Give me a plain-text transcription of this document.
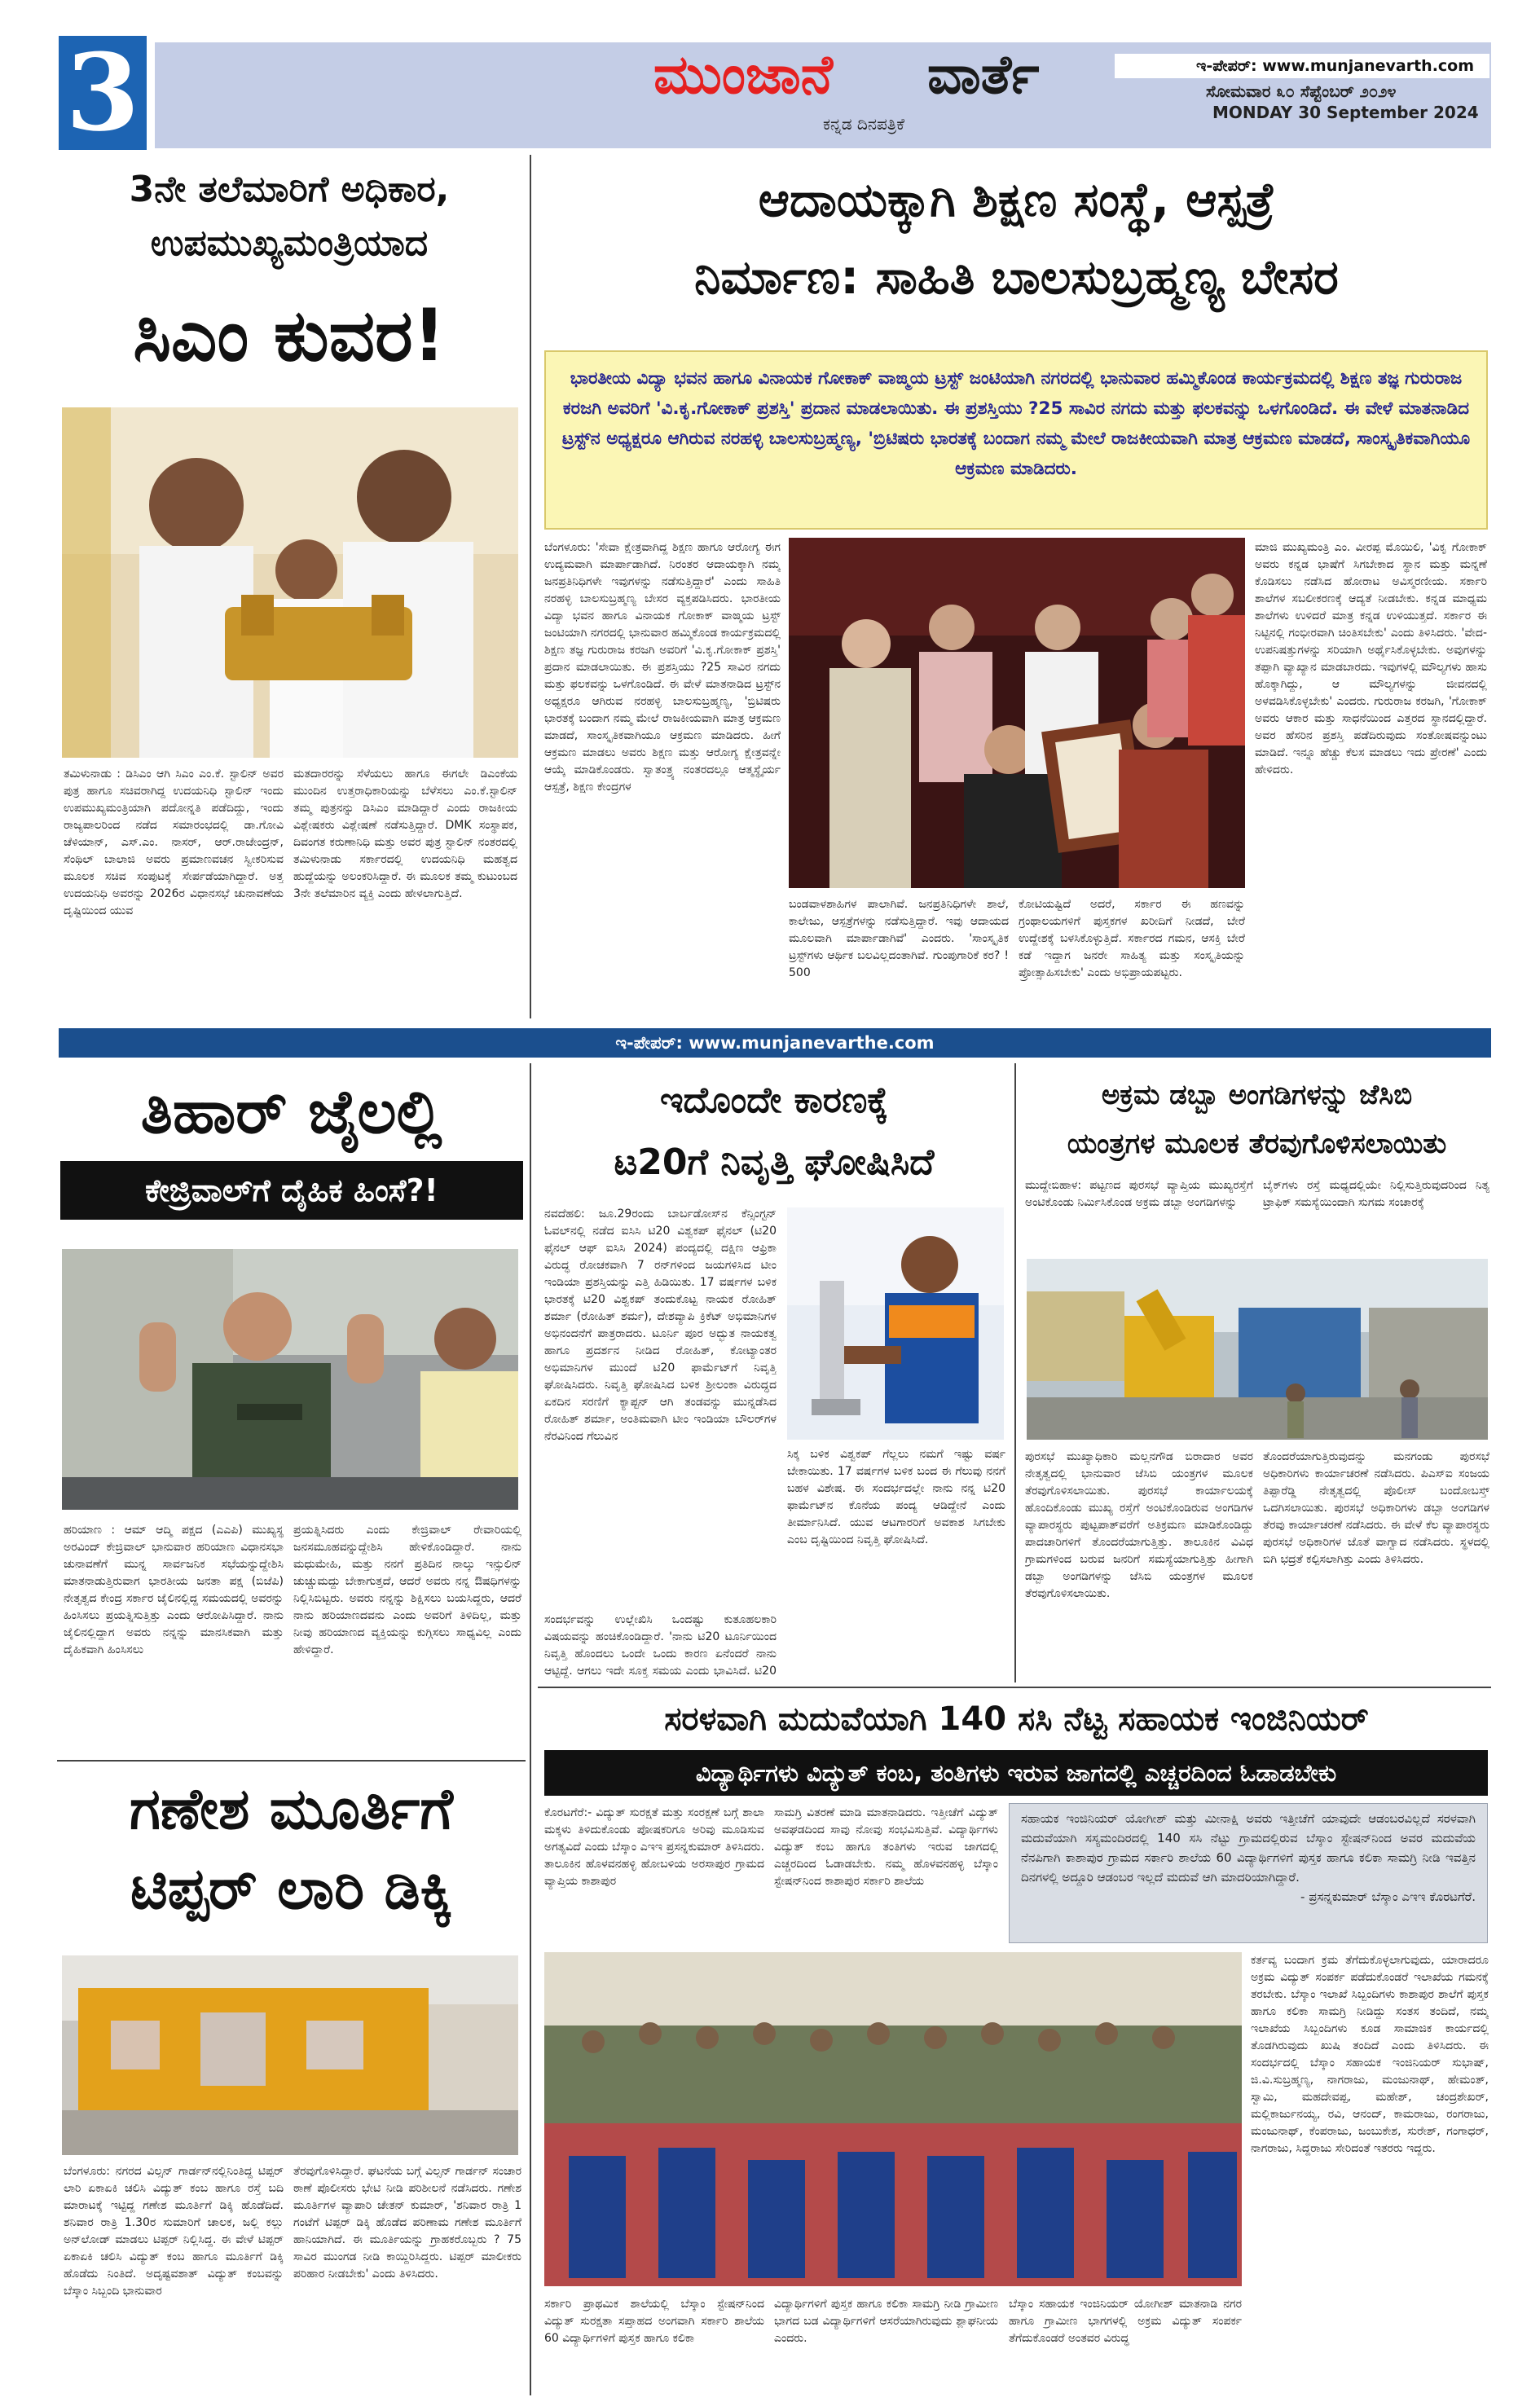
3	ಮುಂಜಾನೆ ವಾರ್ತೆ
ಕನ್ನಡ ದಿನಪತ್ರಿಕೆ
ಇ-ಪೇಪರ್: www.munjanevarth.com
ಸೋಮವಾರ ೩೦ ಸೆಪ್ಟೆಂಬರ್ ೨೦೨೪
MONDAY 30 September 2024
3ನೇ ತಲೆಮಾರಿಗೆ ಅಧಿಕಾರ,
ಉಪಮುಖ್ಯಮಂತ್ರಿಯಾದ
ಸಿಎಂ ಕುವರ!
ತಮಿಳುನಾಡು : ಡಿಸಿಎಂ ಆಗಿ ಸಿಎಂ ಎಂ.ಕೆ. ಸ್ಟಾಲಿನ್ ಅವರ ಪುತ್ರ ಹಾಗೂ ಸಚಿವರಾಗಿದ್ದ ಉದಯನಿಧಿ ಸ್ಟಾಲಿನ್ ಇಂದು ಉಪಮುಖ್ಯಮಂತ್ರಿಯಾಗಿ ಪದೋನ್ನತಿ ಪಡೆದಿದ್ದು, ಇಂದು ರಾಜ್ಯಪಾಲರಿಂದ ನಡೆದ ಸಮಾರಂಭದಲ್ಲಿ ಡಾ.ಗೋವಿ ಚೆಳಿಯಾನ್, ಎಸ್.ಎಂ. ನಾಸರ್, ಆರ್.ರಾಜೇಂದ್ರನ್, ಸೆಂಥಿಲ್ ಬಾಲಾಜಿ ಅವರು ಪ್ರಮಾಣವಚನ ಸ್ವೀಕರಿಸುವ ಮೂಲಕ ಸಚಿವ ಸಂಪುಟಕ್ಕೆ ಸೇರ್ಪಡೆಯಾಗಿದ್ದಾರೆ. ಅತ್ತ ಉದಯನಿಧಿ ಅವರನ್ನು 2026ರ ವಿಧಾನಸಭೆ ಚುನಾವಣೆಯ ದೃಷ್ಟಿಯಿಂದ ಯುವ
ಮತದಾರರನ್ನು ಸೆಳೆಯಲು ಹಾಗೂ ಈಗಲೇ ಡಿಎಂಕೆಯ ಮುಂದಿನ ಉತ್ತರಾಧಿಕಾರಿಯನ್ನು ಬೆಳೆಸಲು ಎಂ.ಕೆ.ಸ್ಟಾಲಿನ್ ತಮ್ಮ ಪುತ್ರನನ್ನು ಡಿಸಿಎಂ ಮಾಡಿದ್ದಾರೆ ಎಂದು ರಾಜಕೀಯ ವಿಶ್ಲೇಷಕರು ವಿಶ್ಲೇಷಣೆ ನಡೆಸುತ್ತಿದ್ದಾರೆ. DMK ಸಂಸ್ಥಾಪಕ, ದಿವಂಗತ ಕರುಣಾನಿಧಿ ಮತ್ತು ಅವರ ಪುತ್ರ ಸ್ಟಾಲಿನ್ ನಂತರದಲ್ಲಿ ತಮಿಳುನಾಡು ಸರ್ಕಾರದಲ್ಲಿ ಉದಯನಿಧಿ ಮಹತ್ವದ ಹುದ್ದೆಯನ್ನು ಅಲಂಕರಿಸಿದ್ದಾರೆ. ಈ ಮೂಲಕ ತಮ್ಮ ಕುಟುಂಬದ 3ನೇ ತಲೆಮಾರಿನ ವ್ಯಕ್ತಿ ಎಂದು ಹೇಳಲಾಗುತ್ತಿದೆ.
ಆದಾಯಕ್ಕಾಗಿ ಶಿಕ್ಷಣ ಸಂಸ್ಥೆ, ಆಸ್ಪತ್ರೆ
ನಿರ್ಮಾಣ: ಸಾಹಿತಿ ಬಾಲಸುಬ್ರಹ್ಮಣ್ಯ ಬೇಸರ
ಭಾರತೀಯ ವಿದ್ಯಾ ಭವನ ಹಾಗೂ ವಿನಾಯಕ ಗೋಕಾಕ್ ವಾಙ್ಮಯ ಟ್ರಸ್ಟ್ ಜಂಟಿಯಾಗಿ ನಗರದಲ್ಲಿ ಭಾನುವಾರ ಹಮ್ಮಿಕೊಂಡ ಕಾರ್ಯಕ್ರಮದಲ್ಲಿ ಶಿಕ್ಷಣ ತಜ್ಞ ಗುರುರಾಜ ಕರಜಗಿ ಅವರಿಗೆ 'ವಿ.ಕೃ.ಗೋಕಾಕ್ ಪ್ರಶಸ್ತಿ' ಪ್ರದಾನ ಮಾಡಲಾಯಿತು. ಈ ಪ್ರಶಸ್ತಿಯು ?25 ಸಾವಿರ ನಗದು ಮತ್ತು ಫಲಕವನ್ನು ಒಳಗೊಂಡಿದೆ. ಈ ವೇಳೆ ಮಾತನಾಡಿದ ಟ್ರಸ್ಟ್‌ನ ಅಧ್ಯಕ್ಷರೂ ಆಗಿರುವ ನರಹಳ್ಳಿ ಬಾಲಸುಬ್ರಹ್ಮಣ್ಯ, 'ಬ್ರಿಟಿಷರು ಭಾರತಕ್ಕೆ ಬಂದಾಗ ನಮ್ಮ ಮೇಲೆ ರಾಜಕೀಯವಾಗಿ ಮಾತ್ರ ಆಕ್ರಮಣ ಮಾಡದೆ, ಸಾಂಸ್ಕೃತಿಕವಾಗಿಯೂ ಆಕ್ರಮಣ ಮಾಡಿದರು.
ಬೆಂಗಳೂರು: 'ಸೇವಾ ಕ್ಷೇತ್ರವಾಗಿದ್ದ ಶಿಕ್ಷಣ ಹಾಗೂ ಆರೋಗ್ಯ ಈಗ ಉದ್ಯಮವಾಗಿ ಮಾರ್ಪಾಡಾಗಿದೆ. ನಿರಂತರ ಆದಾಯಕ್ಕಾಗಿ ನಮ್ಮ ಜನಪ್ರತಿನಿಧಿಗಳೇ ಇವುಗಳನ್ನು ನಡೆಸುತ್ತಿದ್ದಾರೆ' ಎಂದು ಸಾಹಿತಿ ನರಹಳ್ಳಿ ಬಾಲಸುಬ್ರಹ್ಮಣ್ಯ ಬೇಸರ ವ್ಯಕ್ತಪಡಿಸಿದರು. ಭಾರತೀಯ ವಿದ್ಯಾ ಭವನ ಹಾಗೂ ವಿನಾಯಕ ಗೋಕಾಕ್ ವಾಙ್ಮಯ ಟ್ರಸ್ಟ್ ಜಂಟಿಯಾಗಿ ನಗರದಲ್ಲಿ ಭಾನುವಾರ ಹಮ್ಮಿಕೊಂಡ ಕಾರ್ಯಕ್ರಮದಲ್ಲಿ ಶಿಕ್ಷಣ ತಜ್ಞ ಗುರುರಾಜ ಕರಜಗಿ ಅವರಿಗೆ 'ವಿ.ಕೃ.ಗೋಕಾಕ್ ಪ್ರಶಸ್ತಿ' ಪ್ರದಾನ ಮಾಡಲಾಯಿತು. ಈ ಪ್ರಶಸ್ತಿಯು ?25 ಸಾವಿರ ನಗದು ಮತ್ತು ಫಲಕವನ್ನು ಒಳಗೊಂಡಿದೆ. ಈ ವೇಳೆ ಮಾತನಾಡಿದ ಟ್ರಸ್ಟ್‌ನ ಅಧ್ಯಕ್ಷರೂ ಆಗಿರುವ ನರಹಳ್ಳಿ ಬಾಲಸುಬ್ರಹ್ಮಣ್ಯ, 'ಬ್ರಿಟಿಷರು ಭಾರತಕ್ಕೆ ಬಂದಾಗ ನಮ್ಮ ಮೇಲೆ ರಾಜಕೀಯವಾಗಿ ಮಾತ್ರ ಆಕ್ರಮಣ ಮಾಡದೆ, ಸಾಂಸ್ಕೃತಿಕವಾಗಿಯೂ ಆಕ್ರಮಣ ಮಾಡಿದರು. ಹೀಗೆ ಆಕ್ರಮಣ ಮಾಡಲು ಅವರು ಶಿಕ್ಷಣ ಮತ್ತು ಆರೋಗ್ಯ ಕ್ಷೇತ್ರವನ್ನೇ ಆಯ್ಕೆ ಮಾಡಿಕೊಂಡರು. ಸ್ವಾತಂತ್ರ್ಯ ನಂತರದಲ್ಲೂ ಆತ್ಮಸ್ಥೈರ್ಯ ಆಸ್ಪತ್ರೆ, ಶಿಕ್ಷಣ ಕೇಂದ್ರಗಳ
ಬಂಡವಾಳಶಾಹಿಗಳ ಪಾಲಾಗಿವೆ. ಜನಪ್ರತಿನಿಧಿಗಳೇ ಶಾಲೆ, ಕಾಲೇಜು, ಆಸ್ಪತ್ರೆಗಳನ್ನು ನಡೆಸುತ್ತಿದ್ದಾರೆ. ಇವು ಆದಾಯದ ಮೂಲವಾಗಿ ಮಾರ್ಪಾಡಾಗಿವೆ' ಎಂದರು. 'ಸಾಂಸ್ಕೃತಿಕ ಟ್ರಸ್ಟ್‌ಗಳು ಆರ್ಥಿಕ ಬಲವಿಲ್ಲದಂತಾಗಿವೆ. ಗುಂಪುಗಾರಿಕೆ ಕರ? ! 500
ಕೋಟಿಯಷ್ಟಿದೆ ಅದರೆ, ಸರ್ಕಾರ ಈ ಹಣವನ್ನು ಗ್ರಂಥಾಲಯಗಳಿಗೆ ಪುಸ್ತಕಗಳ ಖರೀದಿಗೆ ನೀಡದೆ, ಬೇರೆ ಉದ್ದೇಶಕ್ಕೆ ಬಳಸಿಕೊಳ್ಳುತ್ತಿದೆ. ಸರ್ಕಾರದ ಗಮನ, ಆಸಕ್ತಿ ಬೇರೆ ಕಡೆ ಇದ್ದಾಗ ಜನರೇ ಸಾಹಿತ್ಯ ಮತ್ತು ಸಂಸ್ಕೃತಿಯನ್ನು ಪ್ರೋತ್ಸಾಹಿಸಬೇಕು' ಎಂದು ಅಭಿಪ್ರಾಯಪಟ್ಟರು.
ಮಾಜಿ ಮುಖ್ಯಮಂತ್ರಿ ಎಂ. ವೀರಪ್ಪ ಮೊಯಿಲಿ, 'ವಿಕೃ ಗೋಕಾಕ್ ಅವರು ಕನ್ನಡ ಭಾಷೆಗೆ ಸಿಗಬೇಕಾದ ಸ್ಥಾನ ಮತ್ತು ಮನ್ನಣೆ ಕೊಡಿಸಲು ನಡೆಸಿದ ಹೋರಾಟ ಅವಿಸ್ಮರಣೀಯ. ಸರ್ಕಾರಿ ಶಾಲೆಗಳ ಸಬಲೀಕರಣಕ್ಕೆ ಆದ್ಯತೆ ನೀಡಬೇಕು. ಕನ್ನಡ ಮಾಧ್ಯಮ ಶಾಲೆಗಳು ಉಳಿದರೆ ಮಾತ್ರ ಕನ್ನಡ ಉಳಿಯುತ್ತದೆ. ಸರ್ಕಾರ ಈ ನಿಟ್ಟಿನಲ್ಲಿ ಗಂಭೀರವಾಗಿ ಚಿಂತಿಸಬೇಕು' ಎಂದು ತಿಳಿಸಿದರು. 'ವೇದ-ಉಪನಿಷತ್ತುಗಳನ್ನು ಸರಿಯಾಗಿ ಅರ್ಥೈಸಿಕೊಳ್ಳಬೇಕು. ಅವುಗಳನ್ನು ತಪ್ಪಾಗಿ ವ್ಯಾಖ್ಯಾನ ಮಾಡಬಾರದು. ಇವುಗಳಲ್ಲಿ ಮೌಲ್ಯಗಳು ಹಾಸು ಹೊಕ್ಕಾಗಿದ್ದು, ಆ ಮೌಲ್ಯಗಳನ್ನು ಜೀವನದಲ್ಲಿ ಅಳವಡಿಸಿಕೊಳ್ಳಬೇಕು' ಎಂದರು. ಗುರುರಾಜ ಕರಜಗಿ, 'ಗೋಕಾಕ್ ಅವರು ಆಕಾರ ಮತ್ತು ಸಾಧನೆಯಿಂದ ಎತ್ತರದ ಸ್ಥಾನದಲ್ಲಿದ್ದಾರೆ. ಅವರ ಹೆಸರಿನ ಪ್ರಶಸ್ತಿ ಪಡೆದಿರುವುದು ಸಂತೋಷವನ್ನುಂಟು ಮಾಡಿದೆ. ಇನ್ನೂ ಹೆಚ್ಚು ಕೆಲಸ ಮಾಡಲು ಇದು ಪ್ರೇರಣೆ' ಎಂದು ಹೇಳಿದರು.
ಇ-ಪೇಪರ್: www.munjanevarthe.com
ತಿಹಾರ್ ಜೈಲಲ್ಲಿ
ಕೇಜ್ರಿವಾಲ್‌ಗೆ ದೈಹಿಕ ಹಿಂಸೆ?!
ಹರಿಯಾಣ : ಆಮ್ ಆದ್ಮಿ ಪಕ್ಷದ (ಎಎಪಿ) ಮುಖ್ಯಸ್ಥ ಅರವಿಂದ್ ಕೇಜ್ರಿವಾಲ್ ಭಾನುವಾರ ಹರಿಯಾಣ ವಿಧಾನಸಭಾ ಚುನಾವಣೆಗೆ ಮುನ್ನ ಸಾರ್ವಜನಿಕ ಸಭೆಯನ್ನುದ್ದೇಶಿಸಿ ಮಾತನಾಡುತ್ತಿರುವಾಗ ಭಾರತೀಯ ಜನತಾ ಪಕ್ಷ (ಬಿಜೆಪಿ) ನೇತೃತ್ವದ ಕೇಂದ್ರ ಸರ್ಕಾರ ಜೈಲಿನಲ್ಲಿದ್ದ ಸಮಯದಲ್ಲಿ ಅವರನ್ನು ಹಿಂಸಿಸಲು ಪ್ರಯತ್ನಿಸುತ್ತಿತ್ತು ಎಂದು ಆರೋಪಿಸಿದ್ದಾರೆ. ನಾನು ಜೈಲಿನಲ್ಲಿದ್ದಾಗ ಅವರು ನನ್ನನ್ನು ಮಾನಸಿಕವಾಗಿ ಮತ್ತು ದೈಹಿಕವಾಗಿ ಹಿಂಸಿಸಲು
ಪ್ರಯತ್ನಿಸಿದರು ಎಂದು ಕೇಜ್ರಿವಾಲ್ ರೇವಾರಿಯಲ್ಲಿ ಜನಸಮೂಹವನ್ನುದ್ದೇಶಿಸಿ ಹೇಳಿಕೊಂಡಿದ್ದಾರೆ. ನಾನು ಮಧುಮೇಹಿ, ಮತ್ತು ನನಗೆ ಪ್ರತಿದಿನ ನಾಲ್ಕು ಇನ್ಸುಲಿನ್ ಚುಚ್ಚುಮದ್ದು ಬೇಕಾಗುತ್ತದೆ, ಆದರೆ ಅವರು ನನ್ನ ಔಷಧಿಗಳನ್ನು ನಿಲ್ಲಿಸಿಬಿಟ್ಟರು. ಅವರು ನನ್ನನ್ನು ಶಿಕ್ಷಿಸಲು ಬಯಸಿದ್ದರು, ಆದರೆ ನಾನು ಹರಿಯಾಣದವನು ಎಂದು ಅವರಿಗೆ ತಿಳಿದಿಲ್ಲ, ಮತ್ತು ನೀವು ಹರಿಯಾಣದ ವ್ಯಕ್ತಿಯನ್ನು ಕುಗ್ಗಿಸಲು ಸಾಧ್ಯವಿಲ್ಲ ಎಂದು ಹೇಳಿದ್ದಾರೆ.
ಇದೊಂದೇ ಕಾರಣಕ್ಕೆ
ಟ20ಗೆ ನಿವೃತ್ತಿ ಘೋಷಿಸಿದೆ
ನವದೆಹಲಿ: ಜೂ.29ರಂದು ಬಾರ್ಬಡೋಸ್‌ನ ಕೆನ್ಸಿಂಗ್ಟನ್ ಓವಲ್‌ನಲ್ಲಿ ನಡೆದ ಐಸಿಸಿ ಟಿ20 ವಿಶ್ವಕಪ್ ಫೈನಲ್ (ಟಿ20 ಫೈನಲ್ ಆಫ್ ಐಸಿಸಿ 2024) ಪಂದ್ಯದಲ್ಲಿ ದಕ್ಷಿಣ ಆಫ್ರಿಕಾ ವಿರುದ್ಧ ರೋಚಕವಾಗಿ 7 ರನ್‌ಗಳಿಂದ ಜಯಗಳಿಸಿದ ಟೀಂ ಇಂಡಿಯಾ ಪ್ರಶಸ್ತಿಯನ್ನು ಎತ್ತಿ ಹಿಡಿಯಿತು. 17 ವರ್ಷಗಳ ಬಳಿಕ ಭಾರತಕ್ಕೆ ಟಿ20 ವಿಶ್ವಕಪ್ ತಂದುಕೊಟ್ಟ ನಾಯಕ ರೋಹಿತ್ ಶರ್ಮಾ (ರೋಹಿತ್ ಶರ್ಮ), ದೇಶವ್ಯಾಪಿ ಕ್ರಿಕೆಟ್ ಅಭಿಮಾನಿಗಳ ಅಭಿನಂದನೆಗೆ ಪಾತ್ರರಾದರು. ಟೂರ್ನಿ ಪೂರ ಅದ್ಭುತ ನಾಯಕತ್ವ ಹಾಗೂ ಪ್ರದರ್ಶನ ನೀಡಿದ ರೋಹಿತ್, ಕೋಟ್ಯಾಂತರ ಅಭಿಮಾನಿಗಳ ಮುಂದೆ ಟಿ20 ಫಾರ್ಮೆಟ್‌ಗೆ ನಿವೃತ್ತಿ ಘೋಷಿಸಿದರು. ನಿವೃತ್ತಿ ಘೋಷಿಸಿದ ಬಳಿಕ ಶ್ರೀಲಂಕಾ ವಿರುದ್ಧದ ಏಕದಿನ ಸರಣಿಗೆ ಕ್ಯಾಪ್ಟನ್ ಆಗಿ ತಂಡವನ್ನು ಮುನ್ನಡೆಸಿದ ರೋಹಿತ್ ಶರ್ಮಾ, ಅಂತಿಮವಾಗಿ ಟೀಂ ಇಂಡಿಯಾ ಬೌಲರ್‌ಗಳ ನೆರವಿನಿಂದ ಗೆಲುವಿನ
ಸಂದರ್ಭವನ್ನು ಉಲ್ಲೇಖಿಸಿ ಒಂದಷ್ಟು ಕುತೂಹಲಕಾರಿ ವಿಷಯವನ್ನು ಹಂಚಿಕೊಂಡಿದ್ದಾರೆ. 'ನಾನು ಟಿ20 ಟೂರ್ನಿಯಿಂದ ನಿವೃತ್ತಿ ಹೊಂದಲು ಒಂದೇ ಒಂದು ಕಾರಣ ಏನೆಂದರೆ ನಾನು ಆಟ್ಟಿದ್ದೆ. ಆಗಲು ಇದೇ ಸೂಕ್ತ ಸಮಯ ಎಂದು ಭಾವಿಸಿದೆ. ಟಿ20
ಸಿಕ್ಕ ಬಳಿಕ ವಿಶ್ವಕಪ್ ಗೆಲ್ಲಲು ನಮಗೆ ಇಷ್ಟು ವರ್ಷ ಬೇಕಾಯಿತು. 17 ವರ್ಷಗಳ ಬಳಿಕ ಬಂದ ಈ ಗೆಲುವು ನನಗೆ ಬಹಳ ವಿಶೇಷ. ಈ ಸಂದರ್ಭದಲ್ಲೇ ನಾನು ನನ್ನ ಟಿ20 ಫಾರ್ಮೆಟ್‌ನ ಕೊನೆಯ ಪಂದ್ಯ ಆಡಿದ್ದೇನೆ ಎಂದು ತೀರ್ಮಾನಿಸಿದೆ. ಯುವ ಆಟಗಾರರಿಗೆ ಅವಕಾಶ ಸಿಗಬೇಕು ಎಂಬ ದೃಷ್ಟಿಯಿಂದ ನಿವೃತ್ತಿ ಘೋಷಿಸಿದೆ.
ಅಕ್ರಮ ಡಬ್ಬಾ ಅಂಗಡಿಗಳನ್ನು ಜೆಸಿಬಿ
ಯಂತ್ರಗಳ ಮೂಲಕ ತೆರವುಗೊಳಿಸಲಾಯಿತು
ಮುದ್ದೇಬಿಹಾಳ: ಪಟ್ಟಣದ ಪುರಸಭೆ ವ್ಯಾಪ್ತಿಯ ಮುಖ್ಯರಸ್ತೆಗೆ ಅಂಟಿಕೊಂಡು ನಿರ್ಮಿಸಿಕೊಂಡ ಅಕ್ರಮ ಡಬ್ಬಾ ಅಂಗಡಿಗಳನ್ನು
ಬೈಕ್‌ಗಳು ರಸ್ತೆ ಮಧ್ಯದಲ್ಲಿಯೇ ನಿಲ್ಲಿಸುತ್ತಿರುವುದರಿಂದ ನಿತ್ಯ ಟ್ರಾಫಿಕ್ ಸಮಸ್ಯೆಯಿಂದಾಗಿ ಸುಗಮ ಸಂಚಾರಕ್ಕೆ
ಪುರಸಭೆ ಮುಖ್ಯಾಧಿಕಾರಿ ಮಲ್ಲನಗೌಡ ಬಿರಾದಾರ ಅವರ ನೇತೃತ್ವದಲ್ಲಿ ಭಾನುವಾರ ಜೆಸಿಬಿ ಯಂತ್ರಗಳ ಮೂಲಕ ತೆರವುಗೊಳಿಸಲಾಯಿತು. ಪುರಸಭೆ ಕಾರ್ಯಾಲಯಕ್ಕೆ ಹೊಂದಿಕೊಂಡು ಮುಖ್ಯ ರಸ್ತೆಗೆ ಅಂಟಿಕೊಂಡಿರುವ ಅಂಗಡಿಗಳ ವ್ಯಾಪಾರಸ್ಥರು ಪುಟ್ಟಪಾತ್‌ವರೆಗೆ ಅತಿಕ್ರಮಣ ಮಾಡಿಕೊಂಡಿದ್ದು ಪಾದಚಾರಿಗಳಿಗೆ ತೊಂದರೆಯಾಗುತ್ತಿತ್ತು. ತಾಲೂಕಿನ ವಿವಿಧ ಗ್ರಾಮಗಳಿಂದ ಬರುವ ಜನರಿಗೆ ಸಮಸ್ಯೆಯಾಗುತ್ತಿತ್ತು ಹೀಗಾಗಿ ಡಬ್ಬಾ ಅಂಗಡಿಗಳನ್ನು ಜೆಸಿಬಿ ಯಂತ್ರಗಳ ಮೂಲಕ ತೆರವುಗೊಳಿಸಲಾಯಿತು.
ತೊಂದರೆಯಾಗುತ್ತಿರುವುದನ್ನು ಮನಗಂಡು ಪುರಸಭೆ ಅಧಿಕಾರಿಗಳು ಕಾರ್ಯಾಚರಣೆ ನಡೆಸಿದರು. ಪಿಎಸ್‌ಐ ಸಂಜಯ ತಿಪ್ಪಾರೆಡ್ಡಿ ನೇತೃತ್ವದಲ್ಲಿ ಪೊಲೀಸ್ ಬಂದೋಬಸ್ತ್ ಒದಗಿಸಲಾಯಿತು. ಪುರಸಭೆ ಅಧಿಕಾರಿಗಳು ಡಬ್ಬಾ ಅಂಗಡಿಗಳ ತೆರವು ಕಾರ್ಯಾಚರಣೆ ನಡೆಸಿದರು. ಈ ವೇಳೆ ಕೆಲ ವ್ಯಾಪಾರಸ್ಥರು ಪುರಸಭೆ ಅಧಿಕಾರಿಗಳ ಜೊತೆ ವಾಗ್ವಾದ ನಡೆಸಿದರು. ಸ್ಥಳದಲ್ಲಿ ಬಿಗಿ ಭದ್ರತೆ ಕಲ್ಪಿಸಲಾಗಿತ್ತು ಎಂದು ತಿಳಿಸಿದರು.
ಗಣೇಶ ಮೂರ್ತಿಗೆ
ಟಿಪ್ಪರ್ ಲಾರಿ ಡಿಕ್ಕಿ
ಬೆಂಗಳೂರು: ನಗರದ ವಿಲ್ಸನ್ ಗಾರ್ಡನ್‌ನಲ್ಲಿನಿಂತಿದ್ದ ಟಿಪ್ಪರ್ ಲಾರಿ ಏಕಾಏಕಿ ಚಲಿಸಿ ವಿದ್ಯುತ್ ಕಂಬ ಹಾಗೂ ರಸ್ತೆ ಬದಿ ಮಾರಾಟಕ್ಕೆ ಇಟ್ಟಿದ್ದ ಗಣೇಶ ಮೂರ್ತಿಗೆ ಡಿಕ್ಕಿ ಹೊಡೆದಿದೆ. ಶನಿವಾರ ರಾತ್ರಿ 1.30ರ ಸುಮಾರಿಗೆ ಚಾಲಕ, ಜಲ್ಲಿ ಕಲ್ಲು ಅನ್‌ಲೋಡ್ ಮಾಡಲು ಟಿಪ್ಪರ್ ನಿಲ್ಲಿಸಿದ್ದ. ಈ ವೇಳೆ ಟಿಪ್ಪರ್ ಏಕಾಏಕಿ ಚಲಿಸಿ ವಿದ್ಯುತ್ ಕಂಬ ಹಾಗೂ ಮೂರ್ತಿಗೆ ಡಿಕ್ಕಿ ಹೊಡೆದು ನಿಂತಿದೆ. ಅದೃಷ್ಟವಶಾತ್ ವಿದ್ಯುತ್ ಕಂಬವನ್ನು ಬೆಸ್ಕಾಂ ಸಿಬ್ಬಂದಿ ಭಾನುವಾರ
ತೆರವುಗೊಳಿಸಿದ್ದಾರೆ. ಘಟನೆಯ ಬಗ್ಗೆ ವಿಲ್ಸನ್ ಗಾರ್ಡನ್ ಸಂಚಾರ ಠಾಣೆ ಪೊಲೀಸರು ಭೇಟಿ ನೀಡಿ ಪರಿಶೀಲನೆ ನಡೆಸಿದರು. ಗಣೇಶ ಮೂರ್ತಿಗಳ ವ್ಯಾಪಾರಿ ಚೇತನ್ ಕುಮಾರ್, 'ಶನಿವಾರ ರಾತ್ರಿ 1 ಗಂಟೆಗೆ ಟಿಪ್ಪರ್ ಡಿಕ್ಕಿ ಹೊಡೆದ ಪರಿಣಾಮ ಗಣೇಶ ಮೂರ್ತಿಗೆ ಹಾನಿಯಾಗಿದೆ. ಈ ಮೂರ್ತಿಯನ್ನು ಗ್ರಾಹಕರೊಬ್ಬರು ? 75 ಸಾವಿರ ಮುಂಗಡ ನೀಡಿ ಕಾಯ್ದಿರಿಸಿದ್ದರು. ಟಿಪ್ಪರ್ ಮಾಲೀಕರು ಪರಿಹಾರ ನೀಡಬೇಕು' ಎಂದು ತಿಳಿಸಿದರು.
ಸರಳವಾಗಿ ಮದುವೆಯಾಗಿ 140 ಸಸಿ ನೆಟ್ಟ ಸಹಾಯಕ ಇಂಜಿನಿಯರ್
ವಿದ್ಯಾರ್ಥಿಗಳು ವಿದ್ಯುತ್ ಕಂಬ, ತಂತಿಗಳು ಇರುವ ಜಾಗದಲ್ಲಿ ಎಚ್ಚರದಿಂದ ಓಡಾಡಬೇಕು
ಕೊರಟಗೆರೆ:- ವಿದ್ಯುತ್ ಸುರಕ್ಷತೆ ಮತ್ತು ಸಂರಕ್ಷಣೆ ಬಗ್ಗೆ ಶಾಲಾ ಮಕ್ಕಳು ತಿಳಿದುಕೊಂಡು ಪೋಷಕರಿಗೂ ಅರಿವು ಮೂಡಿಸುವ ಅಗತ್ಯವಿದೆ ಎಂದು ಬೆಸ್ಕಾಂ ಎಇಇ ಪ್ರಸನ್ನಕುಮಾರ್ ತಿಳಿಸಿದರು. ತಾಲೂಕಿನ ಹೊಳವನಹಳ್ಳಿ ಹೋಬಳಿಯ ಅರಸಾಪುರ ಗ್ರಾಮದ ವ್ಯಾಪ್ತಿಯ ಕಾಶಾಪುರ
ಸಾಮಗ್ರಿ ವಿತರಣೆ ಮಾಡಿ ಮಾತನಾಡಿದರು. ಇತ್ತೀಚೆಗೆ ವಿದ್ಯುತ್ ಅವಘಡದಿಂದ ಸಾವು ನೋವು ಸಂಭವಿಸುತ್ತಿವೆ. ವಿದ್ಯಾರ್ಥಿಗಳು ವಿದ್ಯುತ್ ಕಂಬ ಹಾಗೂ ತಂತಿಗಳು ಇರುವ ಜಾಗದಲ್ಲಿ ಎಚ್ಚರದಿಂದ ಓಡಾಡಬೇಕು. ನಮ್ಮ ಹೊಳವನಹಳ್ಳಿ ಬೆಸ್ಕಾಂ ಸ್ಟೇಷನ್‌ನಿಂದ ಕಾಶಾಪುರ ಸರ್ಕಾರಿ ಶಾಲೆಯ
ಸಹಾಯಕ ಇಂಜಿನಿಯರ್ ಯೋಗೀಶ್ ಮತ್ತು ಮೀನಾಕ್ಷಿ ಅವರು ಇತ್ತೀಚೆಗೆ ಯಾವುದೇ ಆಡಂಬರವಿಲ್ಲದೆ ಸರಳವಾಗಿ ಮದುವೆಯಾಗಿ ಸಸ್ಯಮಂದಿರದಲ್ಲಿ 140 ಸಸಿ ನೆಟ್ಟು ಗ್ರಾಮದಲ್ಲಿರುವ ಬೆಸ್ಕಾಂ ಸ್ಟೇಷನ್‌ನಿಂದ ಅವರ ಮದುವೆಯ ನೆನಪಿಗಾಗಿ ಕಾಶಾಪುರ ಗ್ರಾಮದ ಸರ್ಕಾರಿ ಶಾಲೆಯ 60 ವಿದ್ಯಾರ್ಥಿಗಳಿಗೆ ಪುಸ್ತಕ ಹಾಗೂ ಕಲಿಕಾ ಸಾಮಗ್ರಿ ನೀಡಿ ಇವತ್ತಿನ ದಿನಗಳಲ್ಲಿ ಅದ್ದೂರಿ ಆಡಂಬರ ಇಲ್ಲದೆ ಮದುವೆ ಆಗಿ ಮಾದರಿಯಾಗಿದ್ದಾರೆ.
- ಪ್ರಸನ್ನಕುಮಾರ್ ಬೆಸ್ಕಾಂ ಎಇಇ ಕೊರಟಗೆರೆ.
ಕರ್ತವ್ಯ ಬಂದಾಗ ಕ್ರಮ ತೆಗೆದುಕೊಳ್ಳಲಾಗುವುದು, ಯಾರಾದರೂ ಅಕ್ರಮ ವಿದ್ಯುತ್ ಸಂಪರ್ಕ ಪಡೆದುಕೊಂಡರೆ ಇಲಾಖೆಯ ಗಮನಕ್ಕೆ ತರಬೇಕು. ಬೆಸ್ಕಾಂ ಇಲಾಖೆ ಸಿಬ್ಬಂದಿಗಳು ಕಾಶಾಪುರ ಶಾಲೆಗೆ ಪುಸ್ತಕ ಹಾಗೂ ಕಲಿಕಾ ಸಾಮಗ್ರಿ ನೀಡಿದ್ದು ಸಂತಸ ತಂದಿದೆ, ನಮ್ಮ ಇಲಾಖೆಯ ಸಿಬ್ಬಂದಿಗಳು ಕೂಡ ಸಾಮಾಜಿಕ ಕಾರ್ಯದಲ್ಲಿ ತೊಡಗಿರುವುದು ಖುಷಿ ತಂದಿದೆ ಎಂದು ತಿಳಿಸಿದರು. ಈ ಸಂದರ್ಭದಲ್ಲಿ ಬೆಸ್ಕಾಂ ಸಹಾಯಕ ಇಂಜಿನಿಯರ್ ಸುಭಾಷ್, ಜಿ.ವಿ.ಸುಬ್ರಹ್ಮಣ್ಯ, ನಾಗರಾಜು, ಮಂಜುನಾಥ್, ಹೇಮಂತ್, ಸ್ವಾಮಿ, ಮಹದೇವಪ್ಪ, ಮಹೇಶ್, ಚಂದ್ರಶೇಖರ್, ಮಲ್ಲಿಕಾರ್ಜುನಯ್ಯ, ರವಿ, ಆನಂದ್, ಕಾಮರಾಜು, ರಂಗರಾಜು, ಮಂಜುನಾಥ್, ಕೆಂಪರಾಜು, ಜಂಬುಕೇಶ, ಸುರೇಶ್, ಗಂಗಾಧರ್, ನಾಗರಾಜು, ಸಿದ್ದರಾಜು ಸೇರಿದಂತೆ ಇತರರು ಇದ್ದರು.
ಸರ್ಕಾರಿ ಪ್ರಾಥಮಿಕ ಶಾಲೆಯಲ್ಲಿ ಬೆಸ್ಕಾಂ ಸ್ಟೇಷನ್‌ನಿಂದ ವಿದ್ಯುತ್ ಸುರಕ್ಷತಾ ಸಪ್ತಾಹದ ಅಂಗವಾಗಿ ಸರ್ಕಾರಿ ಶಾಲೆಯ 60 ವಿದ್ಯಾರ್ಥಿಗಳಿಗೆ ಪುಸ್ತಕ ಹಾಗೂ ಕಲಿಕಾ
ವಿದ್ಯಾರ್ಥಿಗಳಿಗೆ ಪುಸ್ತಕ ಹಾಗೂ ಕಲಿಕಾ ಸಾಮಗ್ರಿ ನೀಡಿ ಗ್ರಾಮೀಣ ಭಾಗದ ಬಡ ವಿದ್ಯಾರ್ಥಿಗಳಿಗೆ ಆಸರೆಯಾಗಿರುವುದು ಶ್ಲಾಘನೀಯ ಎಂದರು.
ಬೆಸ್ಕಾಂ ಸಹಾಯಕ ಇಂಜಿನಿಯರ್ ಯೋಗೀಶ್ ಮಾತನಾಡಿ ನಗರ ಹಾಗೂ ಗ್ರಾಮೀಣ ಭಾಗಗಳಲ್ಲಿ ಅಕ್ರಮ ವಿದ್ಯುತ್ ಸಂಪರ್ಕ ತೆಗೆದುಕೊಂಡರೆ ಅಂತವರ ವಿರುದ್ಧ
